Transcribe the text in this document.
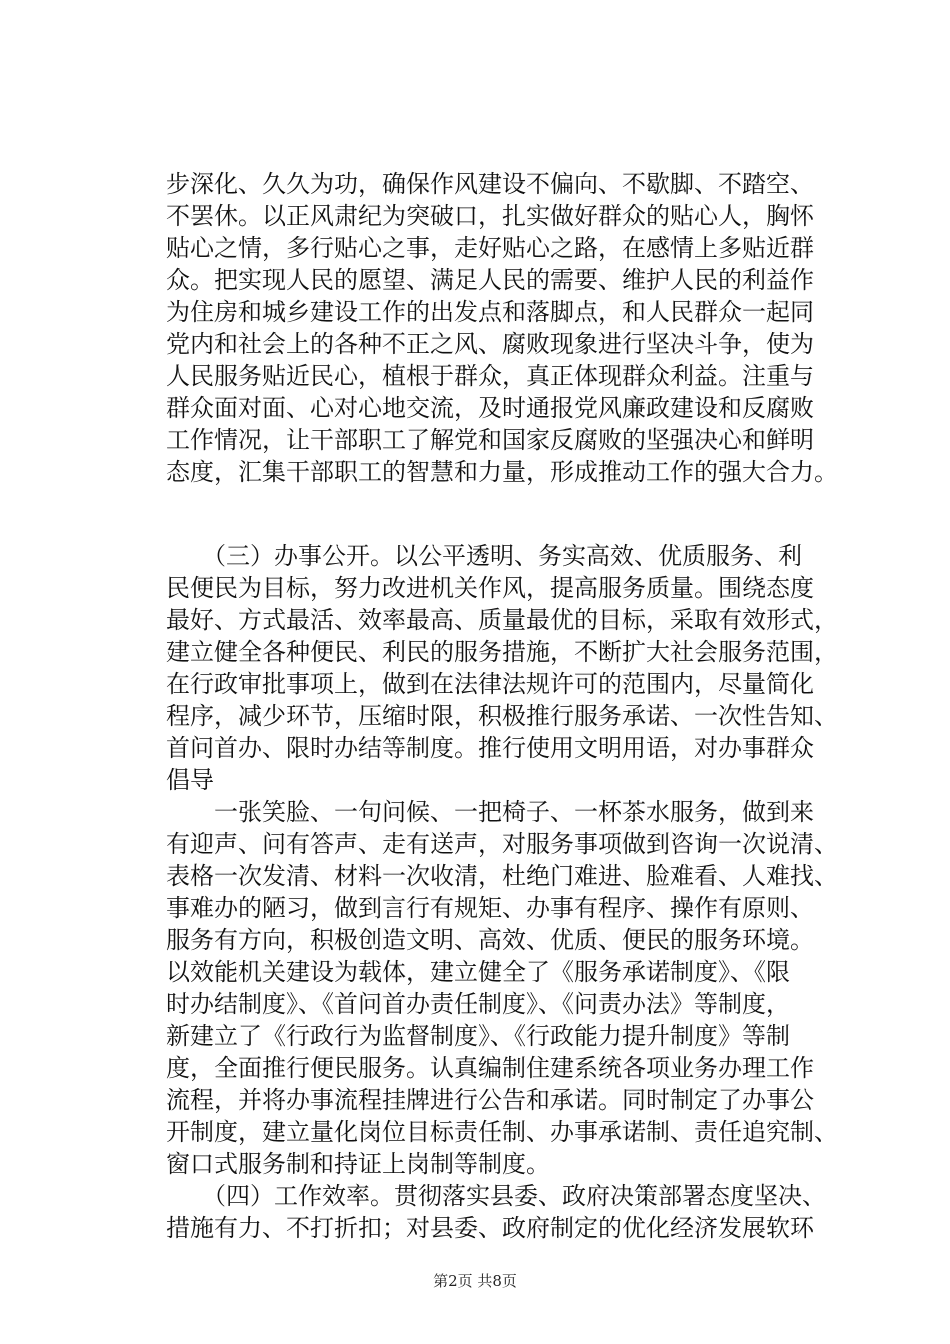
步深化、久久为功，确保作风建设不偏向、不歇脚、不踏空、
不罢休。以正风肃纪为突破口，扎实做好群众的贴心人，胸怀
贴心之情，多行贴心之事，走好贴心之路，在感情上多贴近群
众。把实现人民的愿望、满足人民的需要、维护人民的利益作
为住房和城乡建设工作的出发点和落脚点，和人民群众一起同
党内和社会上的各种不正之风、腐败现象进行坚决斗争，使为
人民服务贴近民心，植根于群众，真正体现群众利益。注重与
群众面对面、心对心地交流，及时通报党风廉政建设和反腐败
工作情况，让干部职工了解党和国家反腐败的坚强决心和鲜明
态度，汇集干部职工的智慧和力量，形成推动工作的强大合力。
　　（三）办事公开。以公平透明、务实高效、优质服务、利
民便民为目标，努力改进机关作风，提高服务质量。围绕态度
最好、方式最活、效率最高、质量最优的目标，采取有效形式，
建立健全各种便民、利民的服务措施，不断扩大社会服务范围，
在行政审批事项上，做到在法律法规许可的范围内，尽量简化
程序，减少环节，压缩时限，积极推行服务承诺、一次性告知、
首问首办、限时办结等制度。推行使用文明用语，对办事群众
倡导
　　一张笑脸、一句问候、一把椅子、一杯茶水服务，做到来
有迎声、问有答声、走有送声，对服务事项做到咨询一次说清、
表格一次发清、材料一次收清，杜绝门难进、脸难看、人难找、
事难办的陋习，做到言行有规矩、办事有程序、操作有原则、
服务有方向，积极创造文明、高效、优质、便民的服务环境。
以效能机关建设为载体，建立健全了《服务承诺制度》、《限
时办结制度》、《首问首办责任制度》、《问责办法》等制度，
新建立了《行政行为监督制度》、《行政能力提升制度》等制
度，全面推行便民服务。认真编制住建系统各项业务办理工作
流程，并将办事流程挂牌进行公告和承诺。同时制定了办事公
开制度，建立量化岗位目标责任制、办事承诺制、责任追究制、
窗口式服务制和持证上岗制等制度。
　　（四）工作效率。贯彻落实县委、政府决策部署态度坚决、
措施有力、不打折扣；对县委、政府制定的优化经济发展软环
第2页 共8页
